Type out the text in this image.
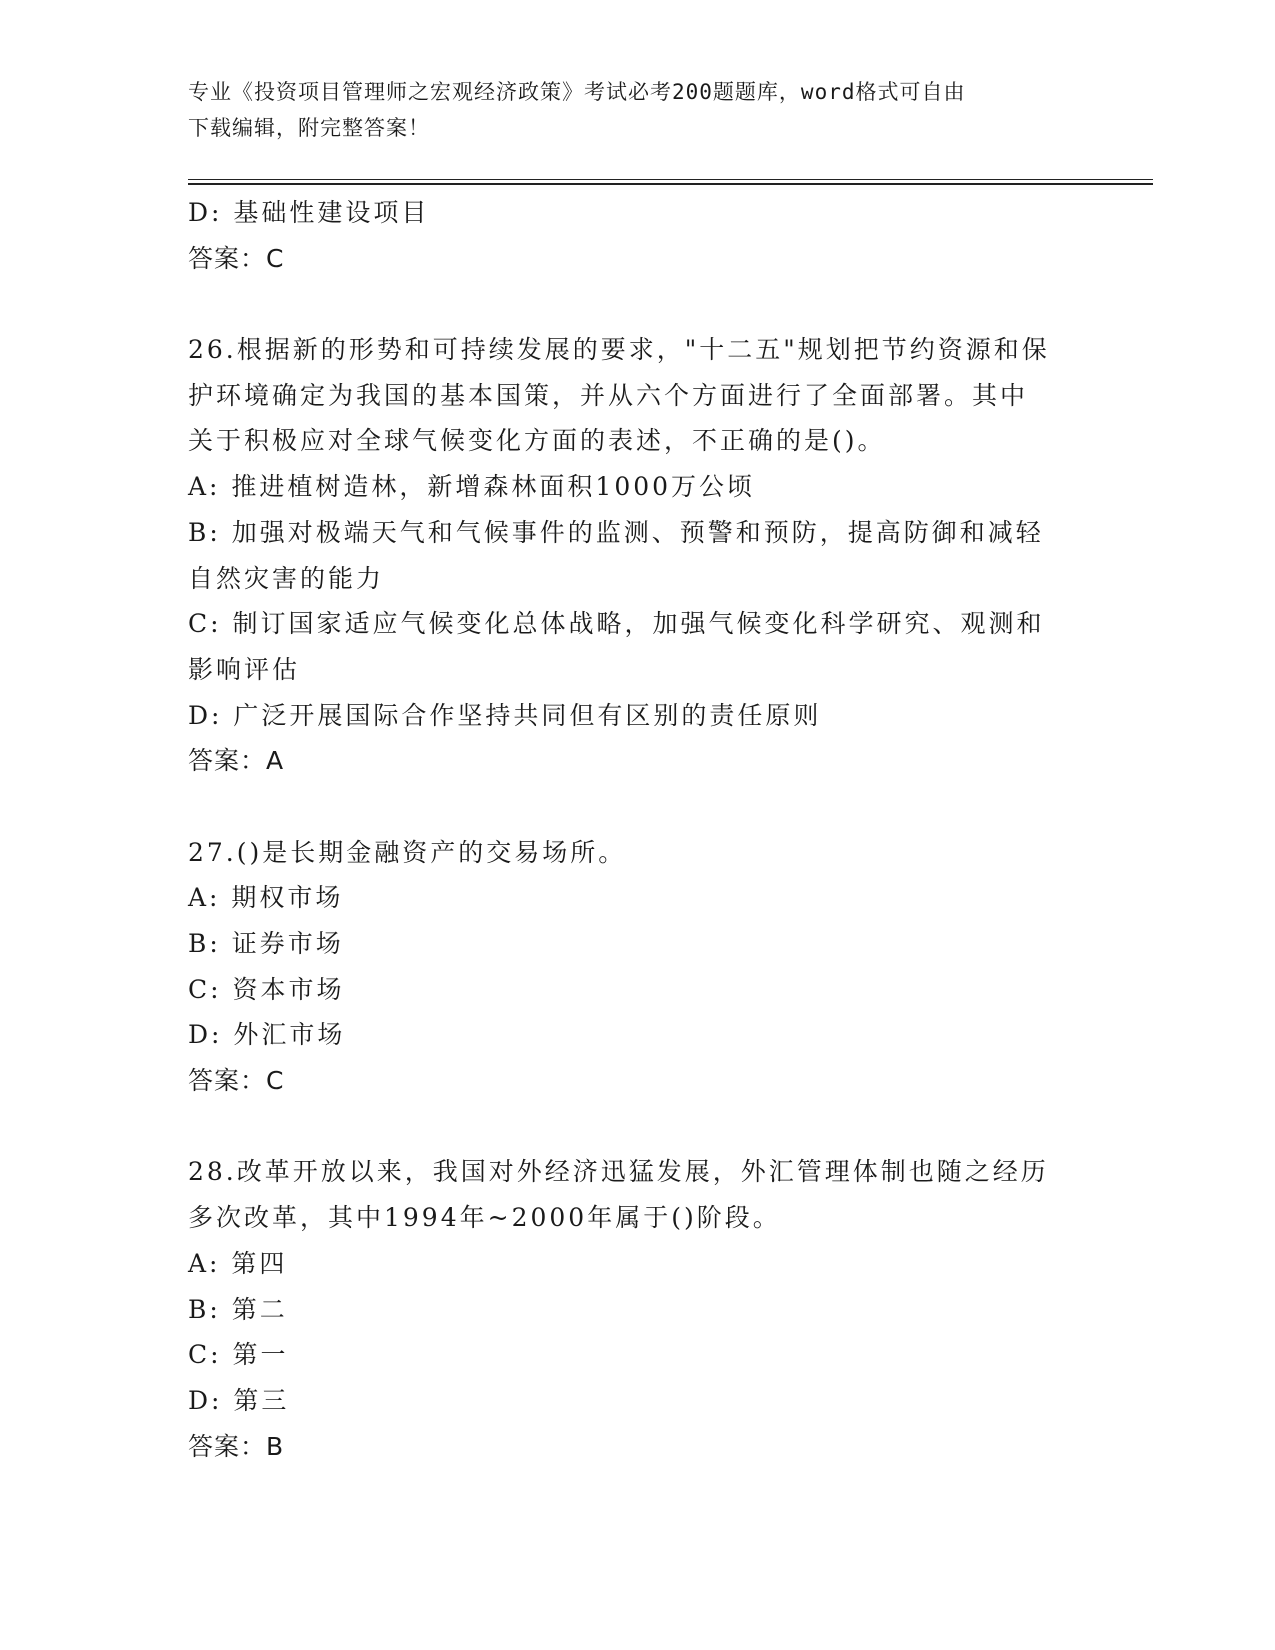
专业《投资项目管理师之宏观经济政策》考试必考200题题库，word格式可自由
下载编辑，附完整答案！
D: 基础性建设项目
答案：C
26.根据新的形势和可持续发展的要求，"十二五"规划把节约资源和保
护环境确定为我国的基本国策，并从六个方面进行了全面部署。其中
关于积极应对全球气候变化方面的表述，不正确的是()。
A: 推进植树造林，新增森林面积1000万公顷
B: 加强对极端天气和气候事件的监测、预警和预防，提高防御和减轻
自然灾害的能力
C: 制订国家适应气候变化总体战略，加强气候变化科学研究、观测和
影响评估
D: 广泛开展国际合作坚持共同但有区别的责任原则
答案：A
27.()是长期金融资产的交易场所。
A: 期权市场
B: 证券市场
C: 资本市场
D: 外汇市场
答案：C
28.改革开放以来，我国对外经济迅猛发展，外汇管理体制也随之经历
多次改革，其中1994年~2000年属于()阶段。
A: 第四
B: 第二
C: 第一
D: 第三
答案：B
